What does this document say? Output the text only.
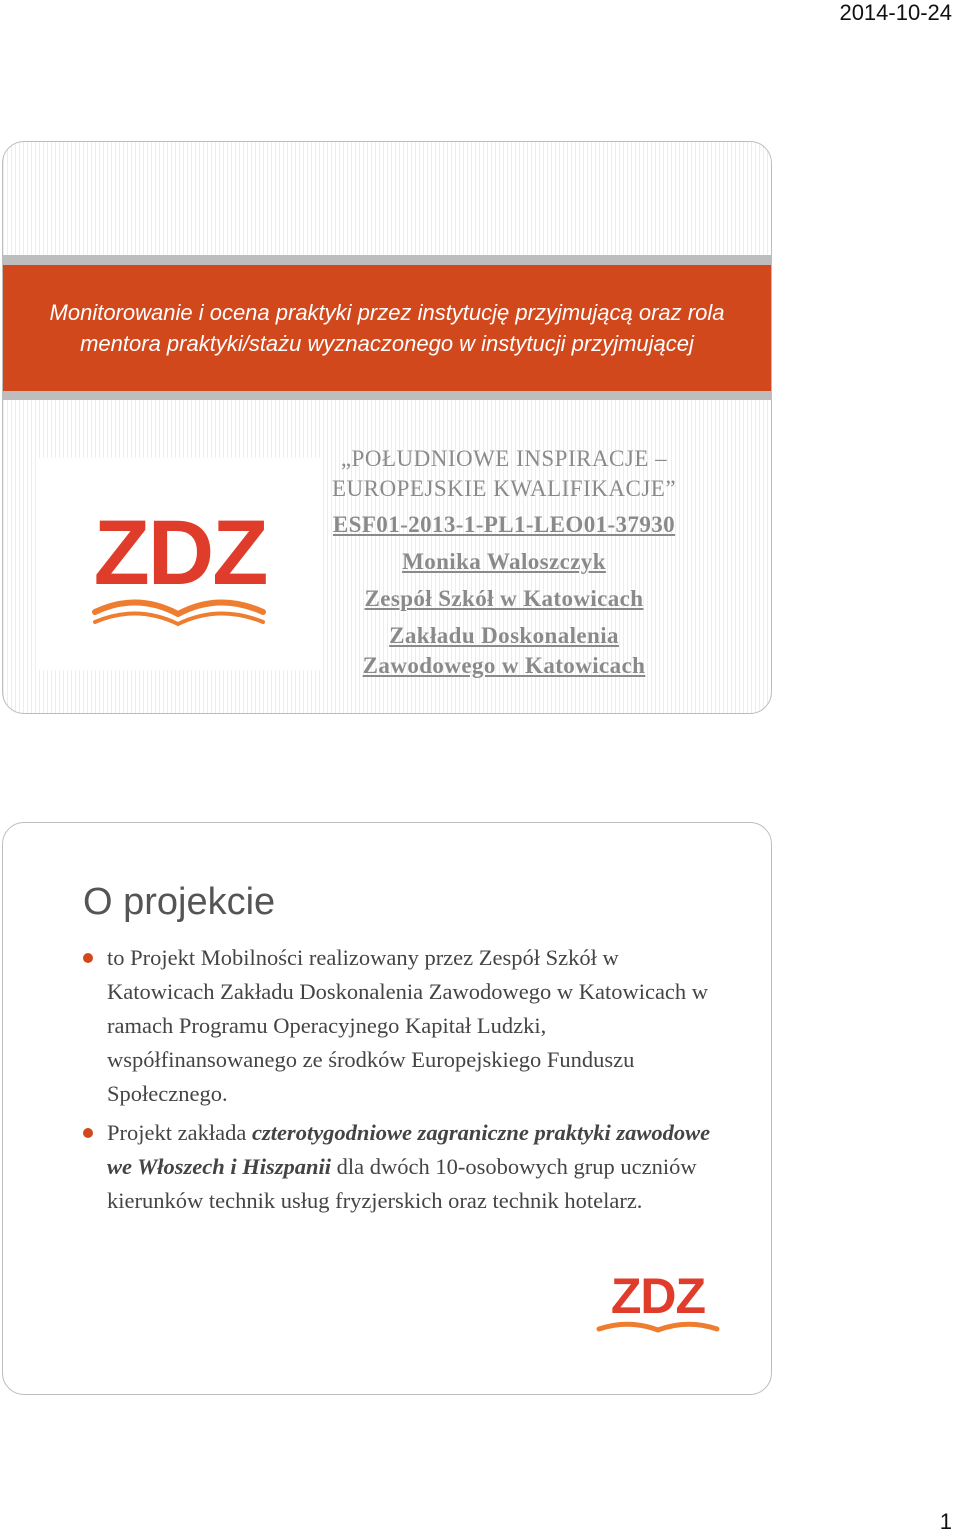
2014-10-24
Monitorowanie i ocena praktyki przez instytucję przyjmującą oraz rola mentora praktyki/stażu wyznaczonego w instytucji przyjmującej
ZDZ
„POŁUDNIOWE INSPIRACJE –
EUROPEJSKIE KWALIFIKACJE”
ESF01-2013-1-PL1-LEO01-37930
Monika Waloszczyk
Zespół Szkół w Katowicach
Zakładu Doskonalenia
Zawodowego w Katowicach
O projekcie
to Projekt Mobilności realizowany przez Zespół Szkół w Katowicach Zakładu Doskonalenia Zawodowego w Katowicach w ramach Programu Operacyjnego Kapitał Ludzki, współfinansowanego ze środków Europejskiego Funduszu Społecznego.
Projekt zakłada czterotygodniowe zagraniczne praktyki zawodowe we Włoszech i Hiszpanii dla dwóch 10-osobowych grup uczniów kierunków technik usług fryzjerskich oraz technik hotelarz.
ZDZ
1
